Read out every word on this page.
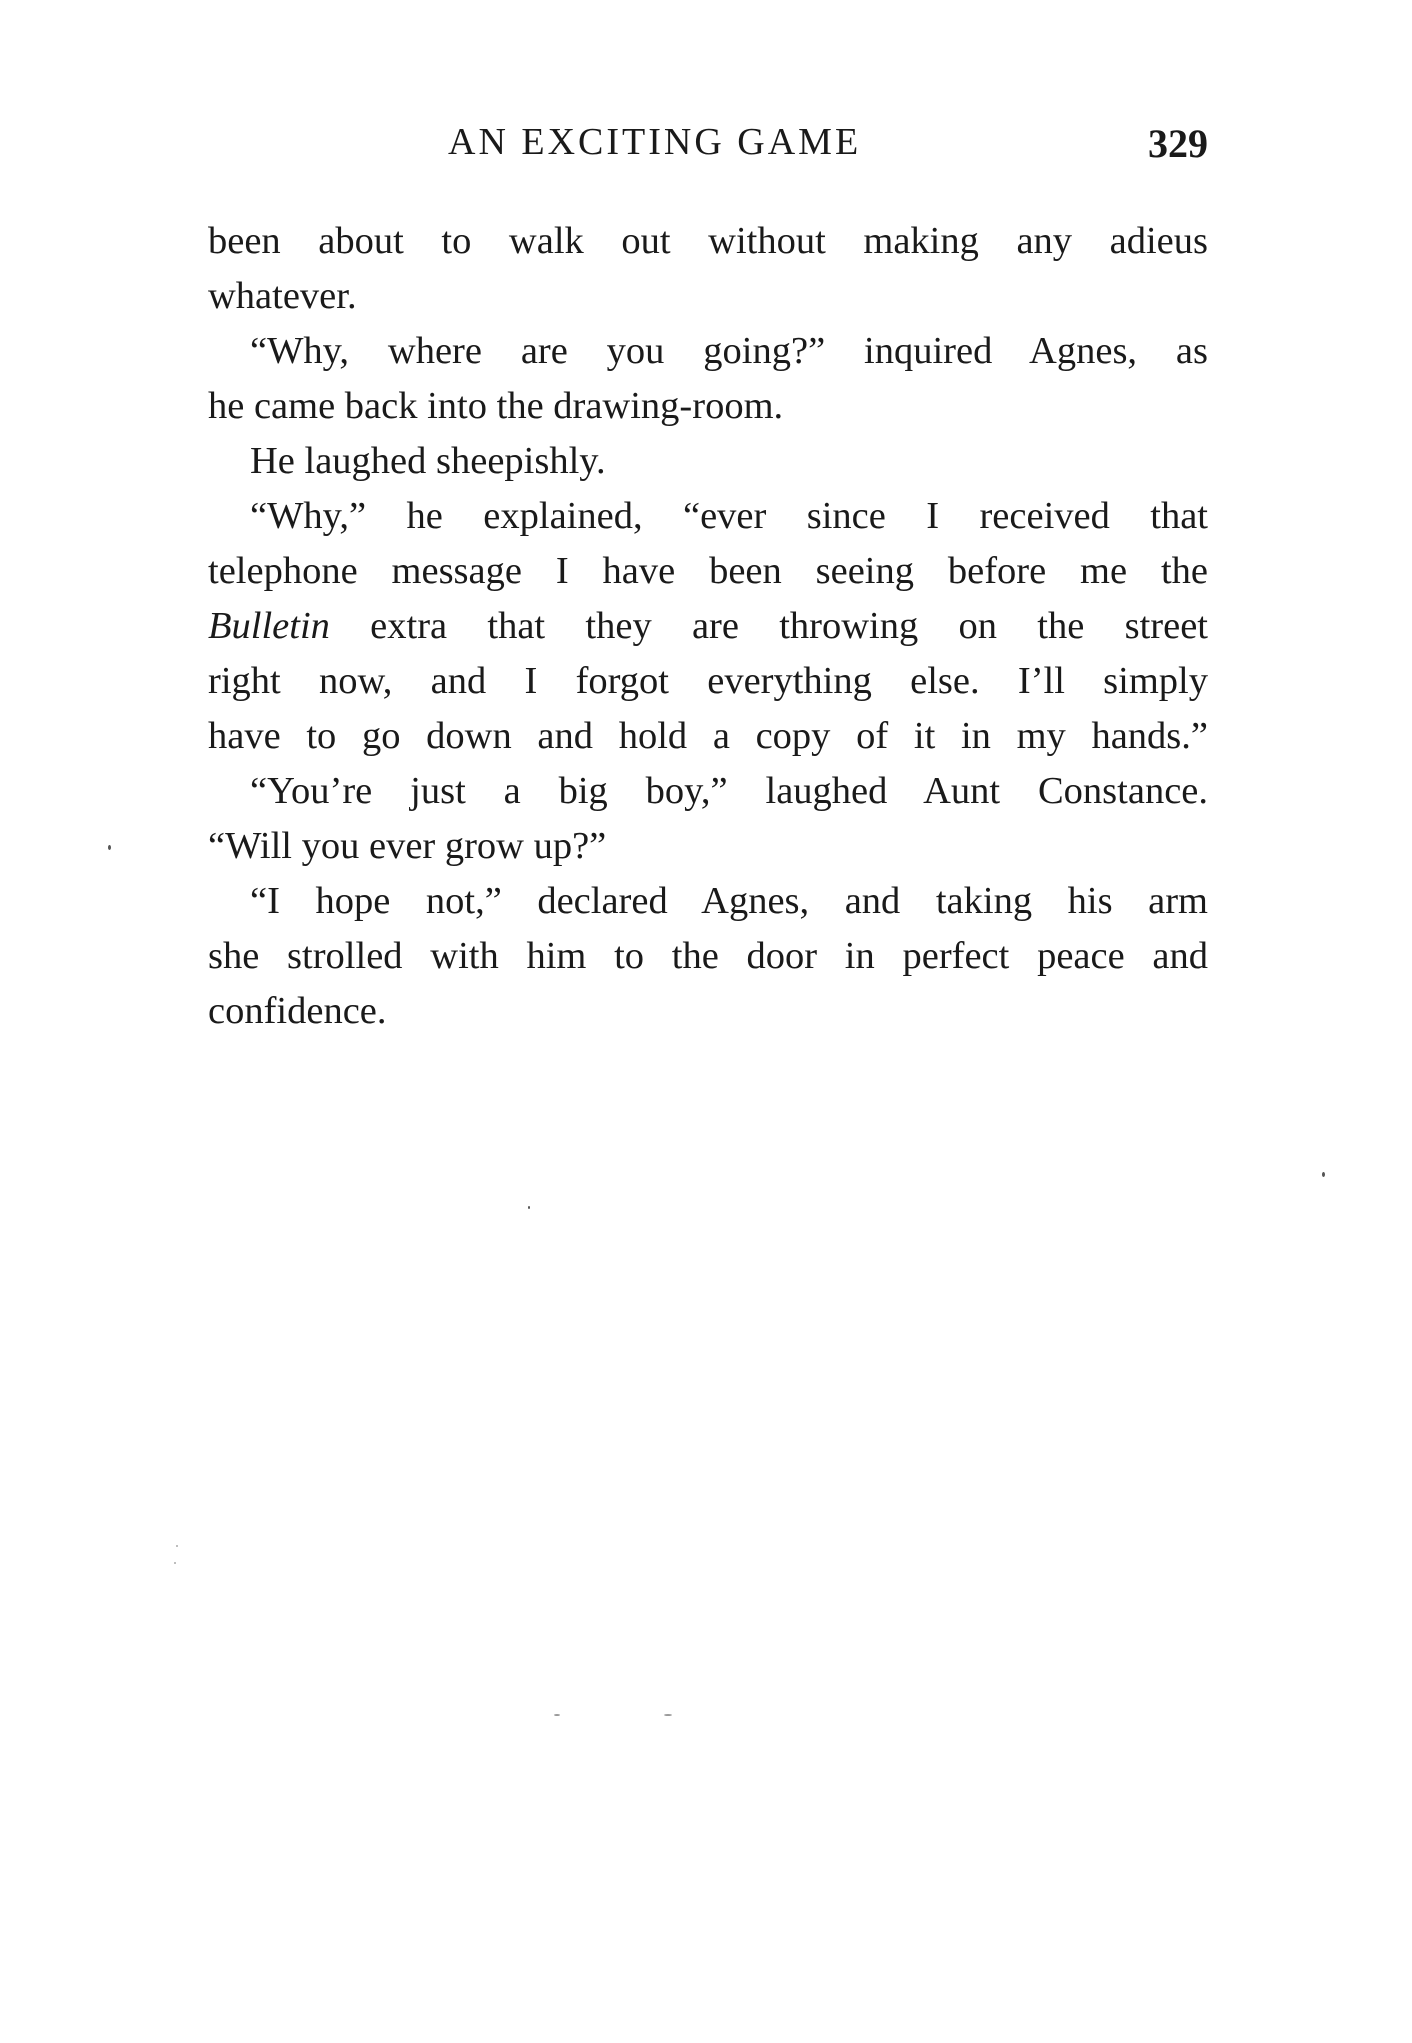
AN EXCITING GAME	329
been about to walk out without making any adieus
whatever.
“Why, where are you going?” inquired Agnes, as
he came back into the drawing-room.
He laughed sheepishly.
“Why,” he explained, “ever since I received that
telephone message I have been seeing before me the
Bulletin extra that they are throwing on the street
right now, and I forgot everything else. I’ll simply
have to go down and hold a copy of it in my hands.”
“You’re just a big boy,” laughed Aunt Constance.
“Will you ever grow up?”
“I hope not,” declared Agnes, and taking his arm
she strolled with him to the door in perfect peace and
confidence.
